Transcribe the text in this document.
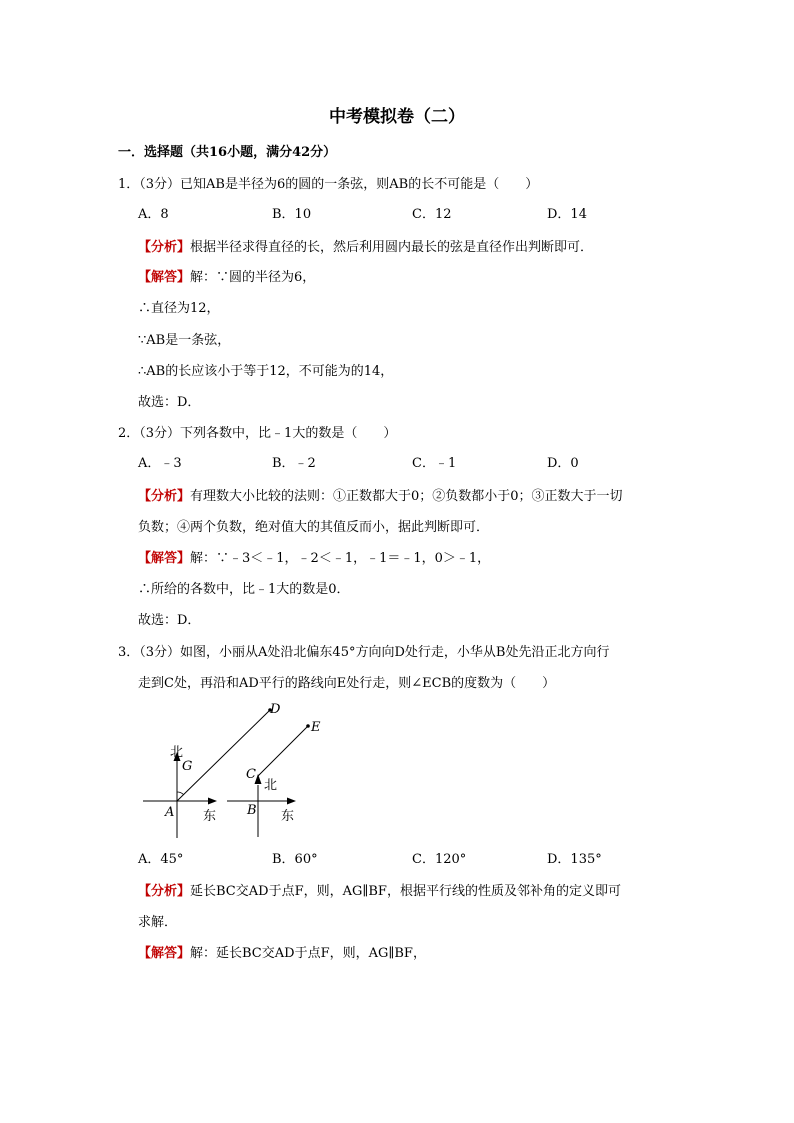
中考模拟卷（二）
一．选择题（共16小题，满分42分）
1．（3分）已知AB是半径为6的圆的一条弦，则AB的长不可能是（　　）
A．8	B．10	C．12	D．14
【分析】根据半径求得直径的长，然后利用圆内最长的弦是直径作出判断即可．
【解答】解：∵圆的半径为6，
∴直径为12，
∵AB是一条弦，
∴AB的长应该小于等于12，不可能为的14，
故选：D．
2．（3分）下列各数中，比﹣1大的数是（　　）
A．﹣3	B．﹣2	C．﹣1	D．0
【分析】有理数大小比较的法则：①正数都大于0；②负数都小于0；③正数大于一切
负数；④两个负数，绝对值大的其值反而小，据此判断即可．
【解答】解：∵﹣3＜﹣1，﹣2＜﹣1，﹣1＝﹣1，0＞﹣1，
∴所给的各数中，比﹣1大的数是0．
故选：D．
3．（3分）如图，小丽从A处沿北偏东45°方向向D处行走，小华从B处先沿正北方向行
走到C处，再沿和AD平行的路线向E处行走，则∠ECB的度数为（　　）
北
G
A 东
D
C
北
B 东
E
A．45°	B．60°	C．120°	D．135°
【分析】延长BC交AD于点F，则，AG∥BF，根据平行线的性质及邻补角的定义即可
求解．
【解答】解：延长BC交AD于点F，则，AG∥BF，
